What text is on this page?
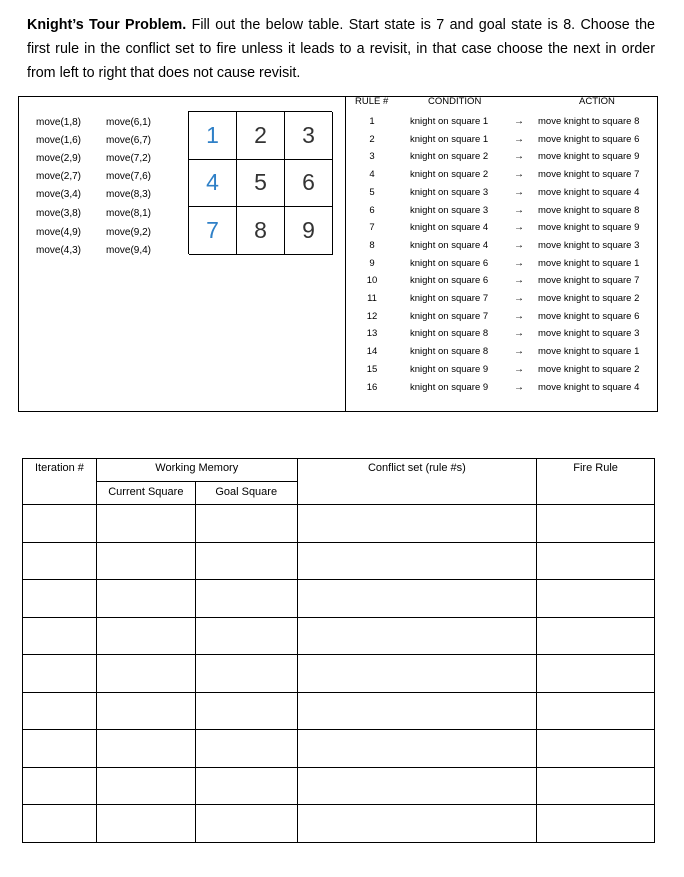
Knight’s Tour Problem. Fill out the below table. Start state is 7 and goal state is 8. Choose the first rule in the conflict set to fire unless it leads to a revisit, in that case choose the next in order from left to right that does not cause revisit.
move(1,8)
move(1,6)
move(2,9)
move(2,7)
move(3,4)
move(3,8)
move(4,9)
move(4,3)
move(6,1)
move(6,7)
move(7,2)
move(7,6)
move(8,3)
move(8,1)
move(9,2)
move(9,4)
1	2	3
4	5	6
7	8	9
RULE #	CONDITION	ACTION
1	knight on square 1	→ move knight to square 8
2	knight on square 1	→ move knight to square 6
3	knight on square 2	→ move knight to square 9
4	knight on square 2	→ move knight to square 7
5	knight on square 3	→ move knight to square 4
6	knight on square 3	→ move knight to square 8
7	knight on square 4	→ move knight to square 9
8	knight on square 4	→ move knight to square 3
9	knight on square 6	→ move knight to square 1
10	knight on square 6	→ move knight to square 7
11	knight on square 7	→ move knight to square 2
12	knight on square 7	→ move knight to square 6
13	knight on square 8	→ move knight to square 3
14	knight on square 8	→ move knight to square 1
15	knight on square 9	→ move knight to square 2
16	knight on square 9	→ move knight to square 4
Iteration #	Working Memory		Conflict set (rule #s)	Fire Rule
	Current Square	Goal Square		
